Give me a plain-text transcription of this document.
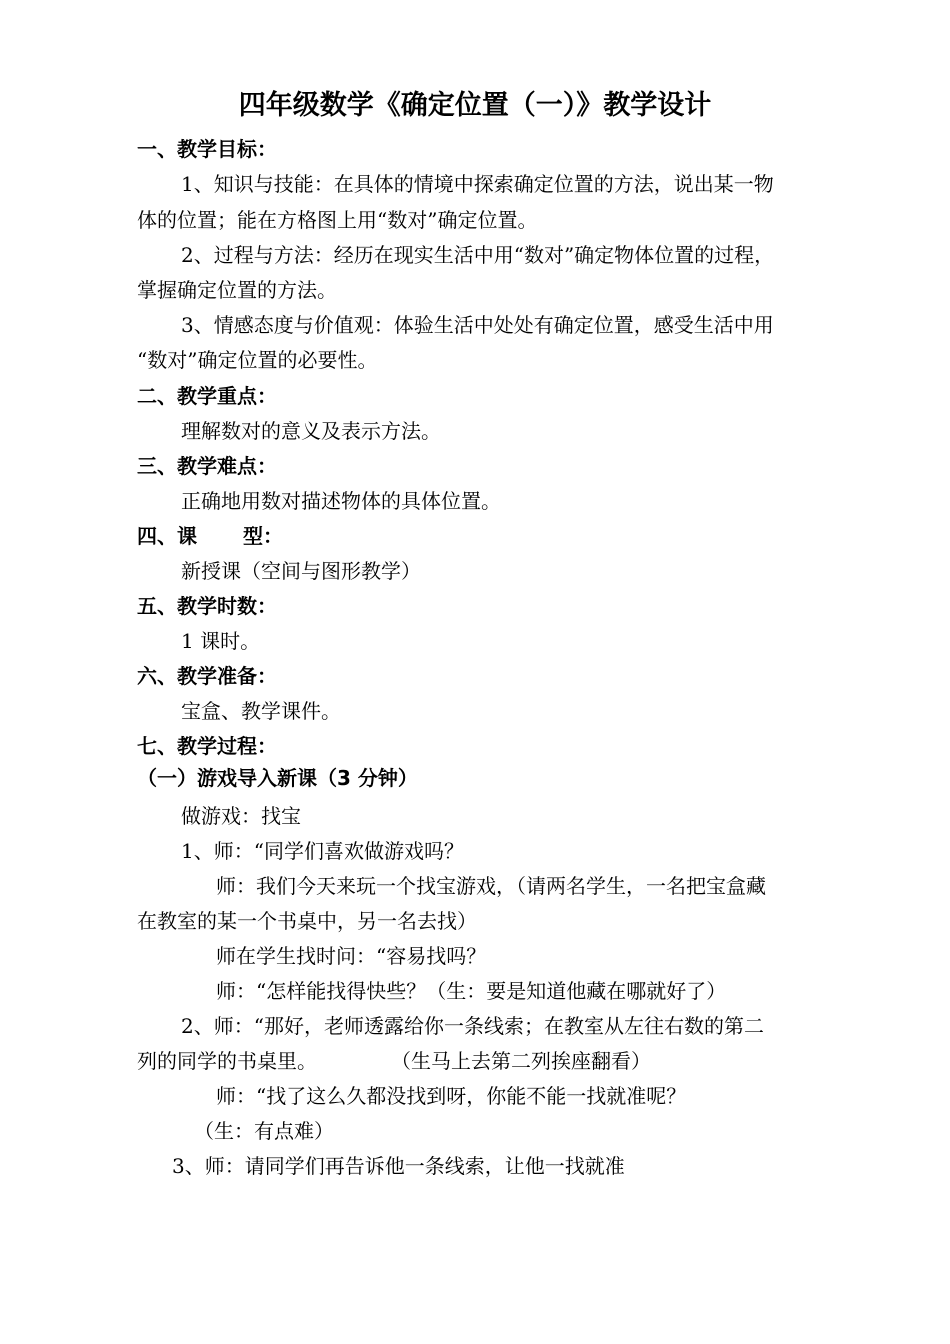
四年级数学《确定位置（一）》教学设计
一、教学目标：
1、知识与技能：在具体的情境中探索确定位置的方法，说出某一物
体的位置；能在方格图上用“数对”确定位置。
2、过程与方法：经历在现实生活中用“数对”确定物体位置的过程，
掌握确定位置的方法。
3、情感态度与价值观：体验生活中处处有确定位置，感受生活中用
“数对”确定位置的必要性。
二、教学重点：
理解数对的意义及表示方法。
三、教学难点：
正确地用数对描述物体的具体位置。
四、课 型：
新授课（空间与图形教学）
五、教学时数：
1 课时。
六、教学准备：
宝盒、教学课件。
七、教学过程：
（一）游戏导入新课（3 分钟）
做游戏：找宝
1、师：“同学们喜欢做游戏吗？
师：我们今天来玩一个找宝游戏，（请两名学生，一名把宝盒藏
在教室的某一个书桌中，另一名去找）
师在学生找时问：“容易找吗？
师：“怎样能找得快些？（生：要是知道他藏在哪就好了）
2、师：“那好，老师透露给你一条线索；在教室从左往右数的第二
列的同学的书桌里。	（生马上去第二列挨座翻看）
师：“找了这么久都没找到呀，你能不能一找就准呢？
（生：有点难）
3、师：请同学们再告诉他一条线索，让他一找就准
